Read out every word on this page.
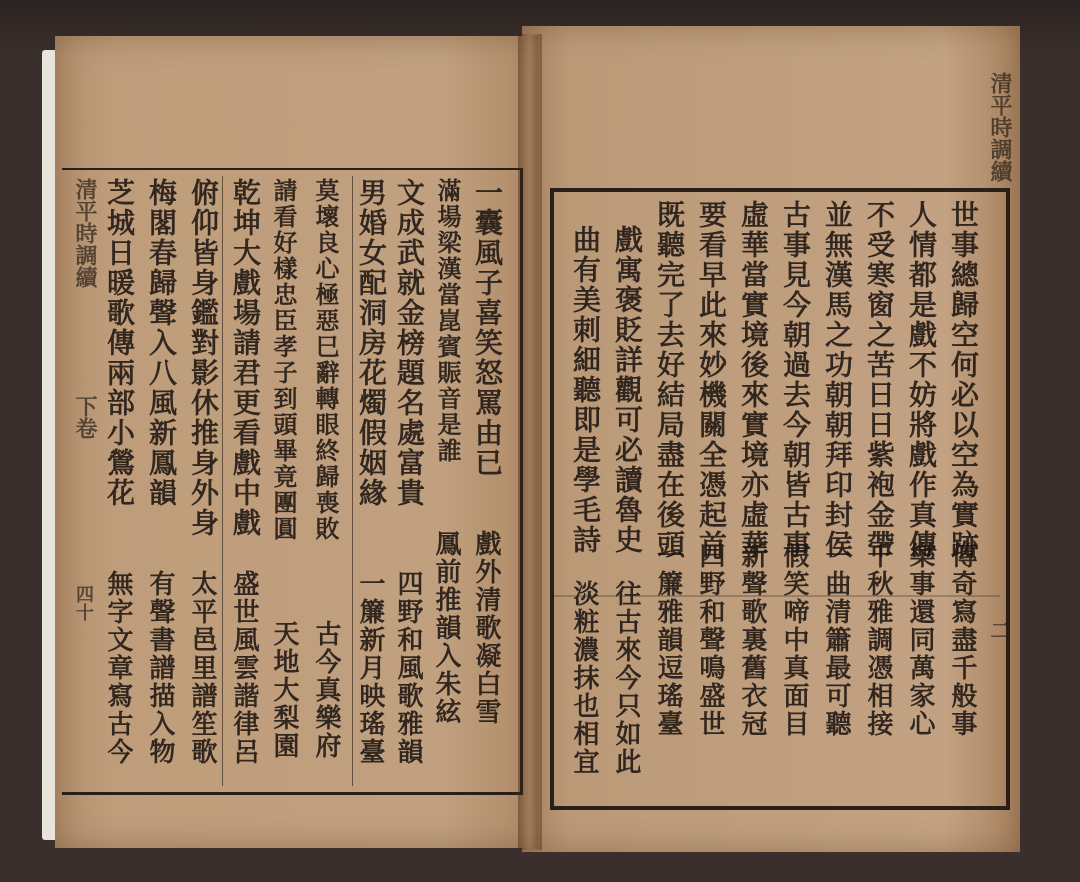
清平時調續
二
世事總歸空何必以空為實跡
人情都是戲不妨將戲作真傳
不受寒窗之苦日日紫袍金帶
並無漢馬之功朝朝拜印封侯
古事見今朝過去今朝皆古事
虛華當實境後來實境亦虛華
要看早此來妙機關全憑起首
既聽完了去好結局盡在後頭
戲寓褒貶詳觀可必讀魯史
曲有美刺細聽即是學毛詩
傳奇寫盡千般事
樂事還同萬家心
千秋雅調憑相接
一曲清簫最可聽
假笑啼中真面目
新聲歌裏舊衣冠
四野和聲鳴盛世
一簾雅韻逗瑤臺
往古來今只如此
淡粧濃抹也相宜
清平時調續
下卷
四十
一囊風子喜笑怒罵由已
滿場梁漢當崑賓賑音是誰
文成武就金榜題名處富貴
男婚女配洞房花燭假姻緣
莫壞良心極惡巳辭轉眼終歸喪敗
請看好樣忠臣孝子到頭畢竟團圓
乾坤大戲場請君更看戲中戲
俯仰皆身鑑對影休推身外身
梅閣春歸聲入八風新鳳韻
芝城日暖歌傳兩部小鶯花
戲外清歌凝白雪
鳳前推韻入朱絃
四野和風歌雅韻
一簾新月映瑤臺
古今真樂府
天地大梨園
盛世風雲諧律呂
太平邑里譜笙歌
有聲書譜描入物
無字文章寫古今
